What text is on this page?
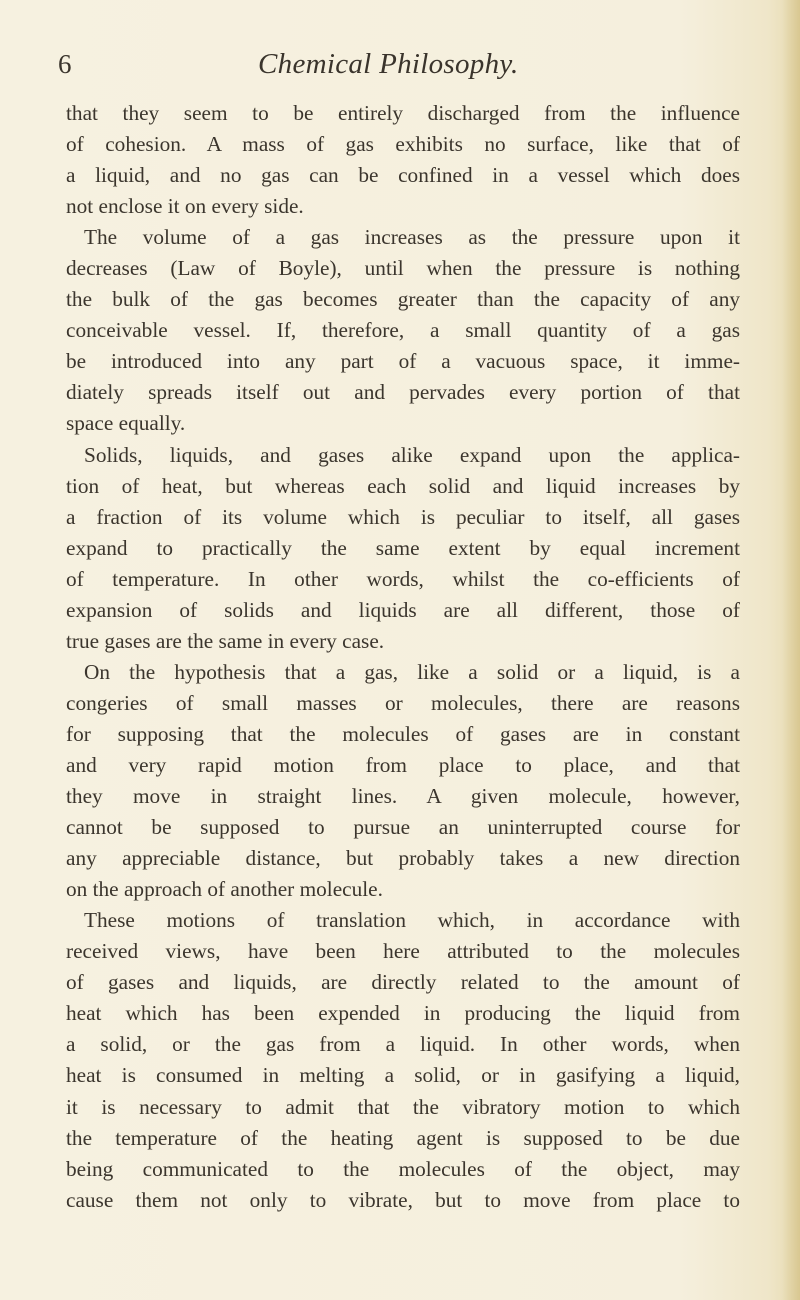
6	Chemical Philosophy.
that they seem to be entirely discharged from the influence
of cohesion. A mass of gas exhibits no surface, like that of
a liquid, and no gas can be confined in a vessel which does
not enclose it on every side.
The volume of a gas increases as the pressure upon it
decreases (Law of Boyle), until when the pressure is nothing
the bulk of the gas becomes greater than the capacity of any
conceivable vessel. If, therefore, a small quantity of a gas
be introduced into any part of a vacuous space, it imme-
diately spreads itself out and pervades every portion of that
space equally.
Solids, liquids, and gases alike expand upon the applica-
tion of heat, but whereas each solid and liquid increases by
a fraction of its volume which is peculiar to itself, all gases
expand to practically the same extent by equal increment
of temperature. In other words, whilst the co-efficients of
expansion of solids and liquids are all different, those of
true gases are the same in every case.
On the hypothesis that a gas, like a solid or a liquid, is a
congeries of small masses or molecules, there are reasons
for supposing that the molecules of gases are in constant
and very rapid motion from place to place, and that
they move in straight lines. A given molecule, however,
cannot be supposed to pursue an uninterrupted course for
any appreciable distance, but probably takes a new direction
on the approach of another molecule.
These motions of translation which, in accordance with
received views, have been here attributed to the molecules
of gases and liquids, are directly related to the amount of
heat which has been expended in producing the liquid from
a solid, or the gas from a liquid. In other words, when
heat is consumed in melting a solid, or in gasifying a liquid,
it is necessary to admit that the vibratory motion to which
the temperature of the heating agent is supposed to be due
being communicated to the molecules of the object, may
cause them not only to vibrate, but to move from place to
